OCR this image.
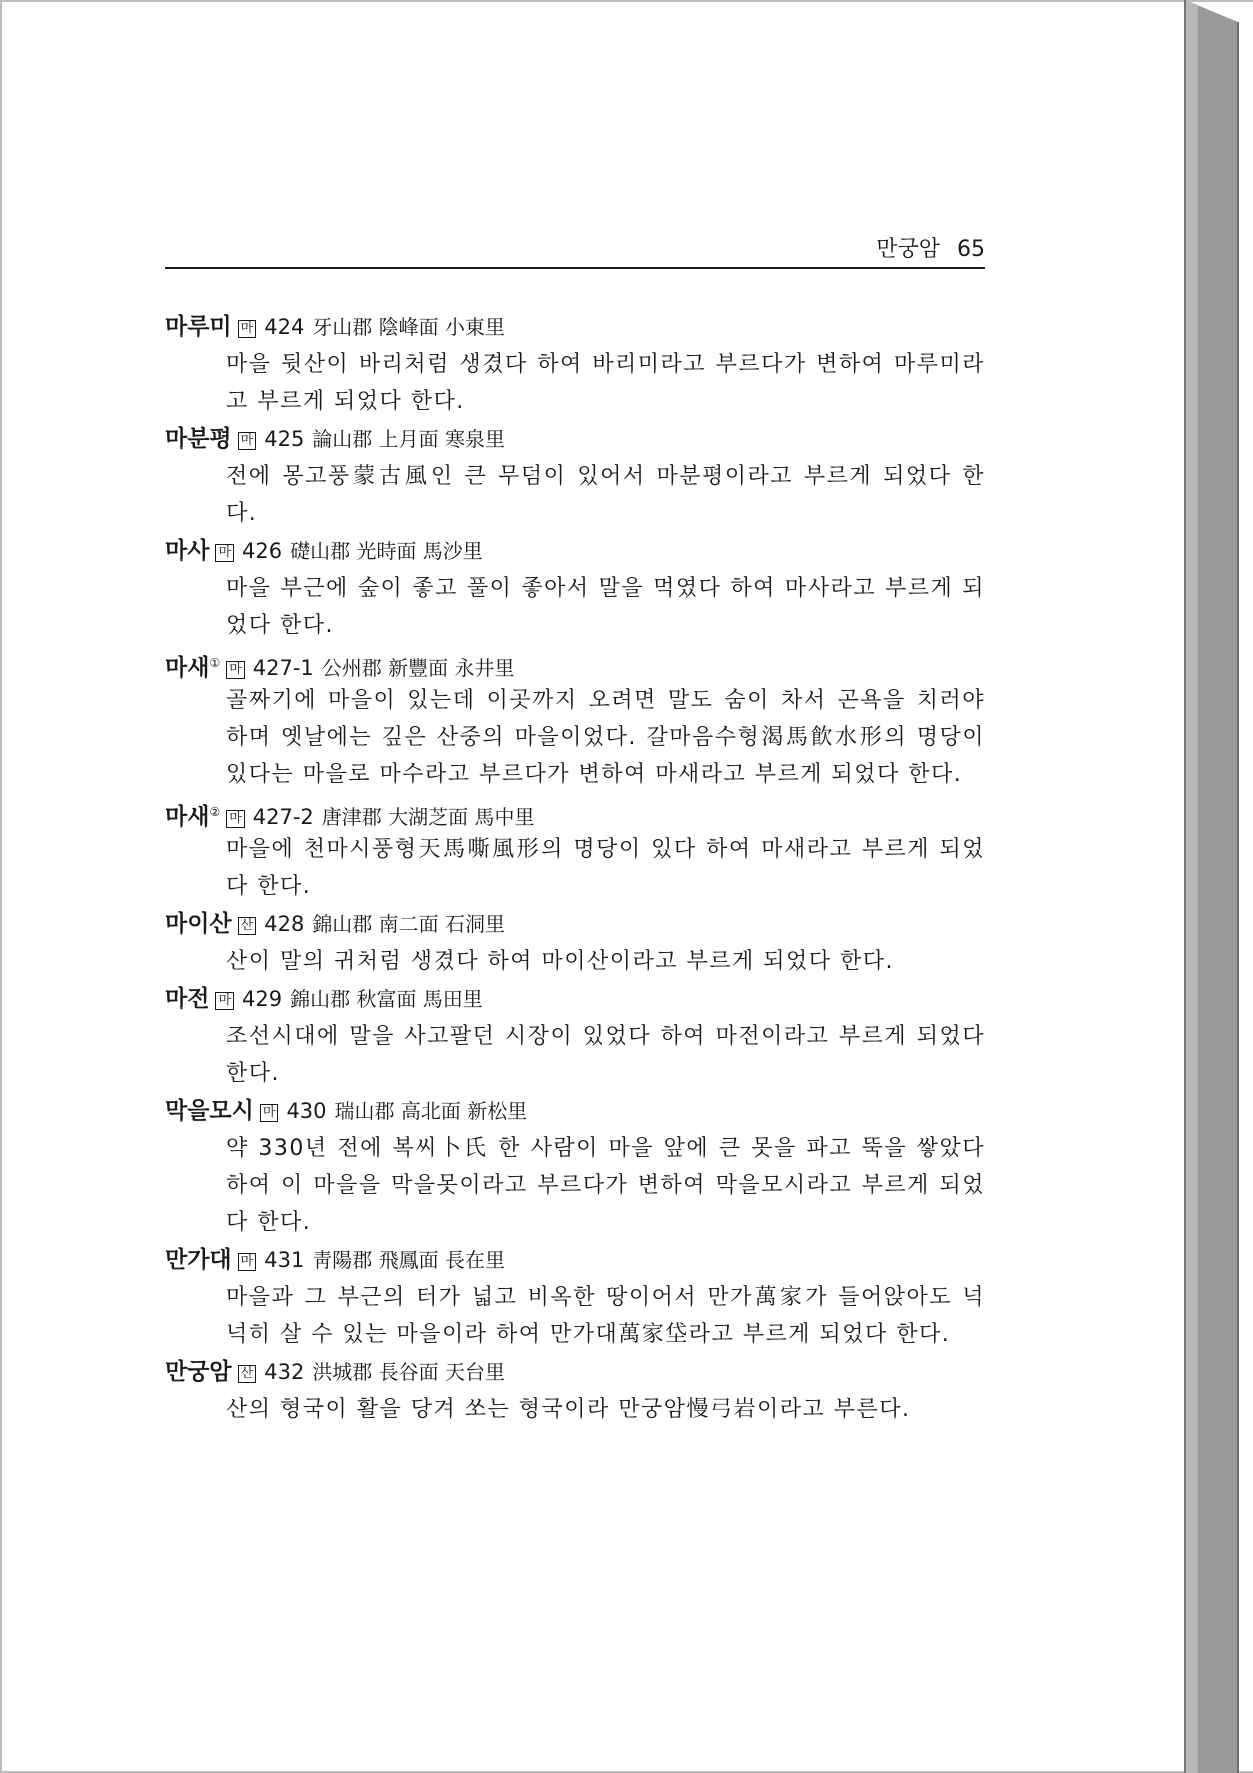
만궁암 65
마루미 마 424 牙山郡 陰峰面 小東里

마을 뒷산이 바리처럼 생겼다 하여 바리미라고 부르다가 변하여 마루미라고 부르게 되었다 한다.

마분평 마 425 論山郡 上月面 寒泉里

전에 몽고풍蒙古風인 큰 무덤이 있어서 마분평이라고 부르게 되었다 한다.

마사 마 426 礎山郡 光時面 馬沙里

마을 부근에 숲이 좋고 풀이 좋아서 말을 먹였다 하여 마사라고 부르게 되었다 한다.

마새① 마 427-1 公州郡 新豐面 永井里

골짜기에 마을이 있는데 이곳까지 오려면 말도 숨이 차서 곤욕을 치러야 하며 옛날에는 깊은 산중의 마을이었다. 갈마음수형渴馬飮水形의 명당이 있다는 마을로 마수라고 부르다가 변하여 마새라고 부르게 되었다 한다.

마새② 마 427-2 唐津郡 大湖芝面 馬中里

마을에 천마시풍형天馬嘶風形의 명당이 있다 하여 마새라고 부르게 되었다 한다.

마이산 산 428 錦山郡 南二面 石洞里

산이 말의 귀처럼 생겼다 하여 마이산이라고 부르게 되었다 한다.

마전 마 429 錦山郡 秋富面 馬田里

조선시대에 말을 사고팔던 시장이 있었다 하여 마전이라고 부르게 되었다 한다.

막을모시 마 430 瑞山郡 高北面 新松里

약 330년 전에 복씨卜氏 한 사람이 마을 앞에 큰 못을 파고 뚝을 쌓았다 하여 이 마을을 막을못이라고 부르다가 변하여 막을모시라고 부르게 되었다 한다.

만가대 마 431 靑陽郡 飛鳳面 長在里

마을과 그 부근의 터가 넓고 비옥한 땅이어서 만가萬家가 들어앉아도 넉넉히 살 수 있는 마을이라 하여 만가대萬家垈라고 부르게 되었다 한다.

만궁암 산 432 洪城郡 長谷面 天台里

산의 형국이 활을 당겨 쏘는 형국이라 만궁암慢弓岩이라고 부른다.
